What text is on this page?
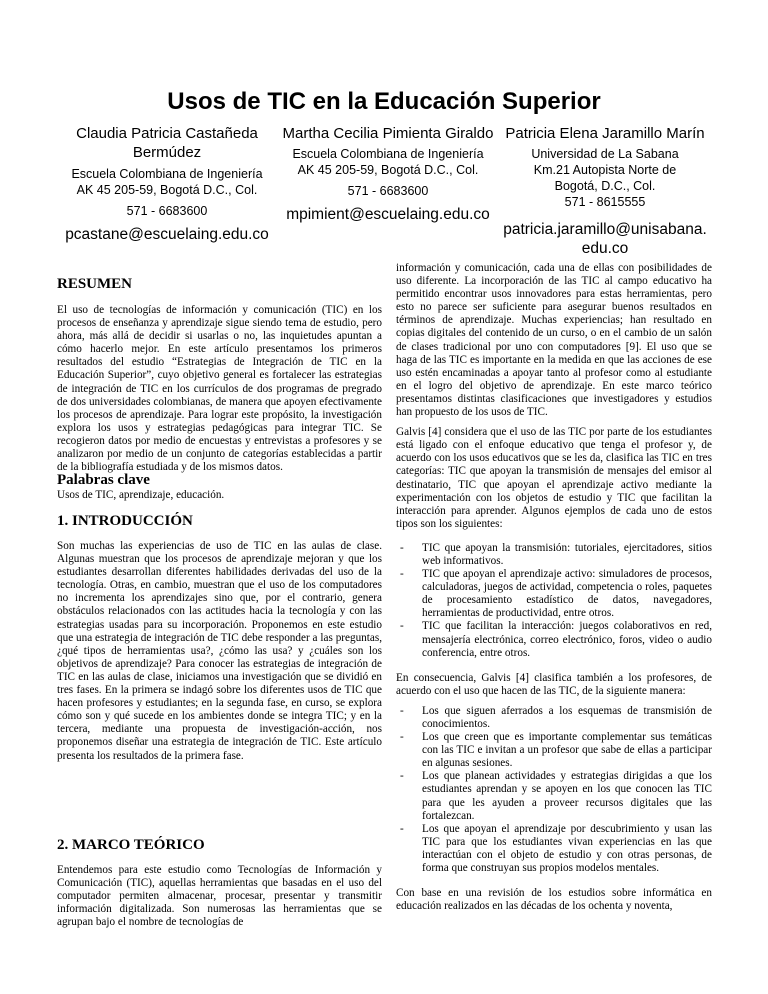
Usos de TIC en la Educación Superior
Claudia Patricia Castañeda Bermúdez
Escuela Colombiana de Ingeniería
AK 45 205-59, Bogotá D.C., Col.
571 - 6683600
pcastane@escuelaing.edu.co
Martha Cecilia Pimienta Giraldo
Escuela Colombiana de Ingeniería
AK 45 205-59, Bogotá D.C., Col.
571 - 6683600
mpimient@escuelaing.edu.co
Patricia Elena Jaramillo Marín
Universidad de La Sabana
Km.21 Autopista Norte de Bogotá, D.C., Col.
571 - 8615555
patricia.jaramillo@unisabana.edu.co
RESUMEN

El uso de tecnologías de información y comunicación (TIC) en los procesos de enseñanza y aprendizaje sigue siendo tema de estudio, pero ahora, más allá de decidir si usarlas o no, las inquietudes apuntan a cómo hacerlo mejor. En este artículo presentamos los primeros resultados del estudio “Estrategias de Integración de TIC en la Educación Superior”, cuyo objetivo general es fortalecer las estrategias de integración de TIC en los currículos de dos programas de pregrado de dos universidades colombianas, de manera que apoyen efectivamente los procesos de aprendizaje. Para lograr este propósito, la investigación explora los usos y estrategias pedagógicas para integrar TIC. Se recogieron datos por medio de encuestas y entrevistas a profesores y se analizaron por medio de un conjunto de categorías establecidas a partir de la bibliografía estudiada y de los mismos datos.

Palabras clave

Usos de TIC, aprendizaje, educación.

1. INTRODUCCIÓN

Son muchas las experiencias de uso de TIC en las aulas de clase. Algunas muestran que los procesos de aprendizaje mejoran y que los estudiantes desarrollan diferentes habilidades derivadas del uso de la tecnología. Otras, en cambio, muestran que el uso de los computadores no incrementa los aprendizajes sino que, por el contrario, genera obstáculos relacionados con las actitudes hacia la tecnología y con las estrategias usadas para su incorporación. Proponemos en este estudio que una estrategia de integración de TIC debe responder a las preguntas, ¿qué tipos de herramientas usa?, ¿cómo las usa? y ¿cuáles son los objetivos de aprendizaje? Para conocer las estrategias de integración de TIC en las aulas de clase, iniciamos una investigación que se dividió en tres fases. En la primera se indagó sobre los diferentes usos de TIC que hacen profesores y estudiantes; en la segunda fase, en curso, se explora cómo son y qué sucede en los ambientes donde se integra TIC; y en la tercera, mediante una propuesta de investigación-acción, nos proponemos diseñar una estrategia de integración de TIC. Este artículo presenta los resultados de la primera fase.

2. MARCO TEÓRICO

Entendemos para este estudio como Tecnologías de Información y Comunicación (TIC), aquellas herramientas que basadas en el uso del computador permiten almacenar, procesar, presentar y transmitir información digitalizada. Son numerosas las herramientas que se agrupan bajo el nombre de tecnologías de

información y comunicación, cada una de ellas con posibilidades de uso diferente. La incorporación de las TIC al campo educativo ha permitido encontrar usos innovadores para estas herramientas, pero esto no parece ser suficiente para asegurar buenos resultados en términos de aprendizaje. Muchas experiencias; han resultado en copias digitales del contenido de un curso, o en el cambio de un salón de clases tradicional por uno con computadores [9]. El uso que se haga de las TIC es importante en la medida en que las acciones de ese uso estén encaminadas a apoyar tanto al profesor como al estudiante en el logro del objetivo de aprendizaje. En este marco teórico presentamos distintas clasificaciones que investigadores y estudios han propuesto de los usos de TIC.

Galvis [4] considera que el uso de las TIC por parte de los estudiantes está ligado con el enfoque educativo que tenga el profesor y, de acuerdo con los usos educativos que se les da, clasifica las TIC en tres categorías: TIC que apoyan la transmisión de mensajes del emisor al destinatario, TIC que apoyan el aprendizaje activo mediante la experimentación con los objetos de estudio y TIC que facilitan la interacción para aprender. Algunos ejemplos de cada uno de estos tipos son los siguientes:

- TIC que apoyan la transmisión: tutoriales, ejercitadores, sitios web informativos.
- TIC que apoyan el aprendizaje activo: simuladores de procesos, calculadoras, juegos de actividad, competencia o roles, paquetes de procesamiento estadístico de datos, navegadores, herramientas de productividad, entre otros.
- TIC que facilitan la interacción: juegos colaborativos en red, mensajería electrónica, correo electrónico, foros, video o audio conferencia, entre otros.

En consecuencia, Galvis [4] clasifica también a los profesores, de acuerdo con el uso que hacen de las TIC, de la siguiente manera:

- Los que siguen aferrados a los esquemas de transmisión de conocimientos.
- Los que creen que es importante complementar sus temáticas con las TIC e invitan a un profesor que sabe de ellas a participar en algunas sesiones.
- Los que planean actividades y estrategias dirigidas a que los estudiantes aprendan y se apoyen en los que conocen las TIC para que les ayuden a proveer recursos digitales que las fortalezcan.
- Los que apoyan el aprendizaje por descubrimiento y usan las TIC para que los estudiantes vivan experiencias en las que interactúan con el objeto de estudio y con otras personas, de forma que construyan sus propios modelos mentales.

Con base en una revisión de los estudios sobre informática en educación realizados en las décadas de los ochenta y noventa,
